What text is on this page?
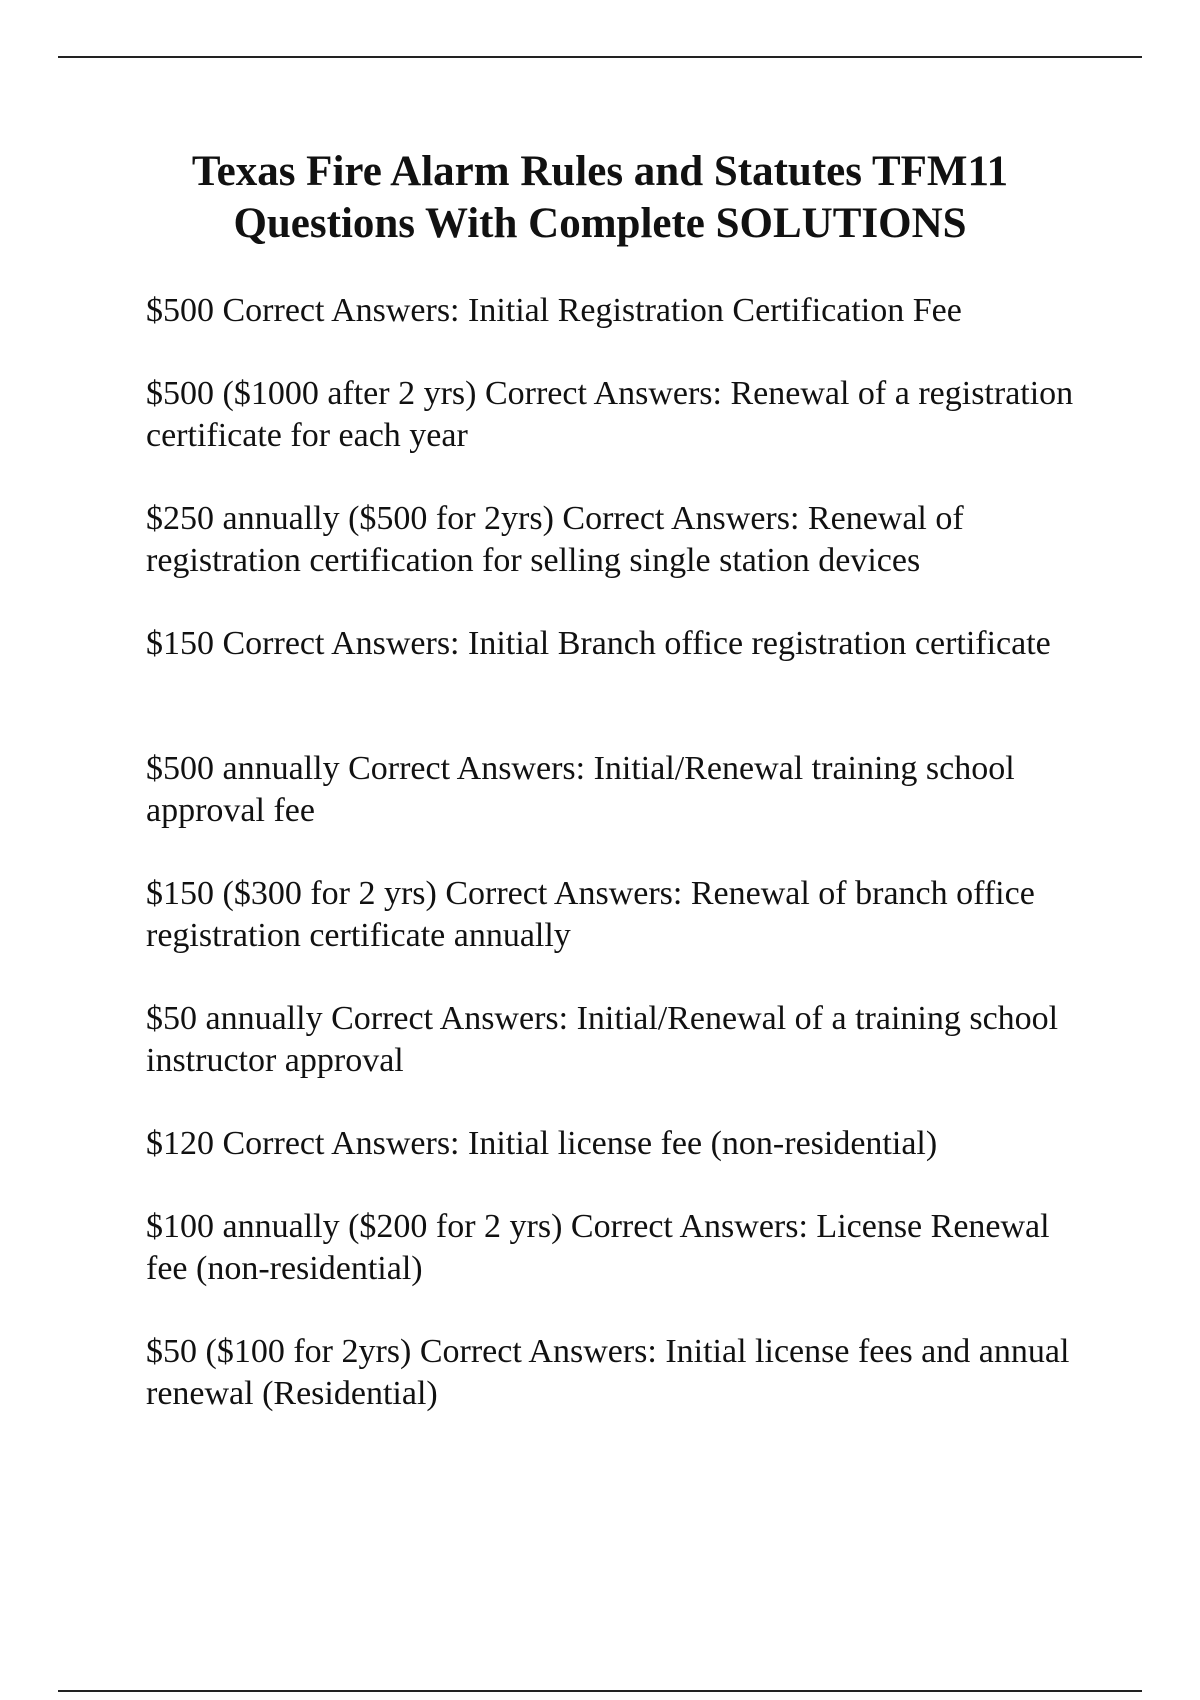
Texas Fire Alarm Rules and Statutes TFM11
Questions With Complete SOLUTIONS
$500 Correct Answers: Initial Registration Certification Fee
$500 ($1000 after 2 yrs) Correct Answers: Renewal of a registration certificate for each year
$250 annually ($500 for 2yrs) Correct Answers: Renewal of registration certification for selling single station devices
$150 Correct Answers: Initial Branch office registration certificate
$500 annually Correct Answers: Initial/Renewal training school approval fee
$150 ($300 for 2 yrs) Correct Answers: Renewal of branch office registration certificate annually
$50 annually Correct Answers: Initial/Renewal of a training school instructor approval
$120 Correct Answers: Initial license fee (non-residential)
$100 annually ($200 for 2 yrs) Correct Answers: License Renewal fee (non-residential)
$50 ($100 for 2yrs) Correct Answers: Initial license fees and annual renewal (Residential)
